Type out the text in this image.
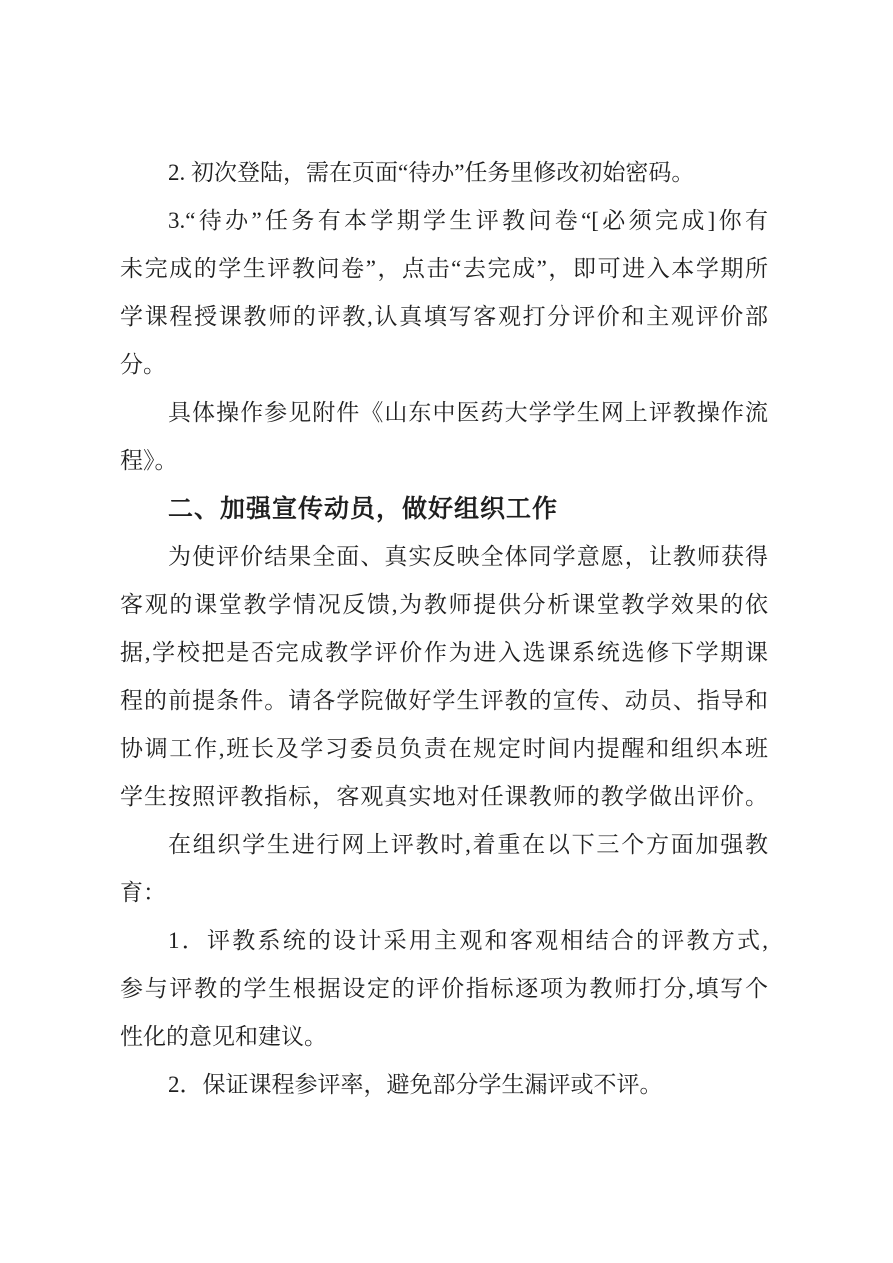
2. 初次登陆，需在页面“待办”任务里修改初始密码。
3.“待办”任务有本学期学生评教问卷“[必须完成]你有
未完成的学生评教问卷”，点击“去完成”，即可进入本学期所
学课程授课教师的评教,认真填写客观打分评价和主观评价部
分。
具体操作参见附件《山东中医药大学学生网上评教操作流
程》。
二、加强宣传动员，做好组织工作
为使评价结果全面、真实反映全体同学意愿，让教师获得
客观的课堂教学情况反馈,为教师提供分析课堂教学效果的依
据,学校把是否完成教学评价作为进入选课系统选修下学期课
程的前提条件。请各学院做好学生评教的宣传、动员、指导和
协调工作,班长及学习委员负责在规定时间内提醒和组织本班
学生按照评教指标，客观真实地对任课教师的教学做出评价。
在组织学生进行网上评教时,着重在以下三个方面加强教
育：
1．评教系统的设计采用主观和客观相结合的评教方式,
参与评教的学生根据设定的评价指标逐项为教师打分,填写个
性化的意见和建议。
2．保证课程参评率，避免部分学生漏评或不评。
